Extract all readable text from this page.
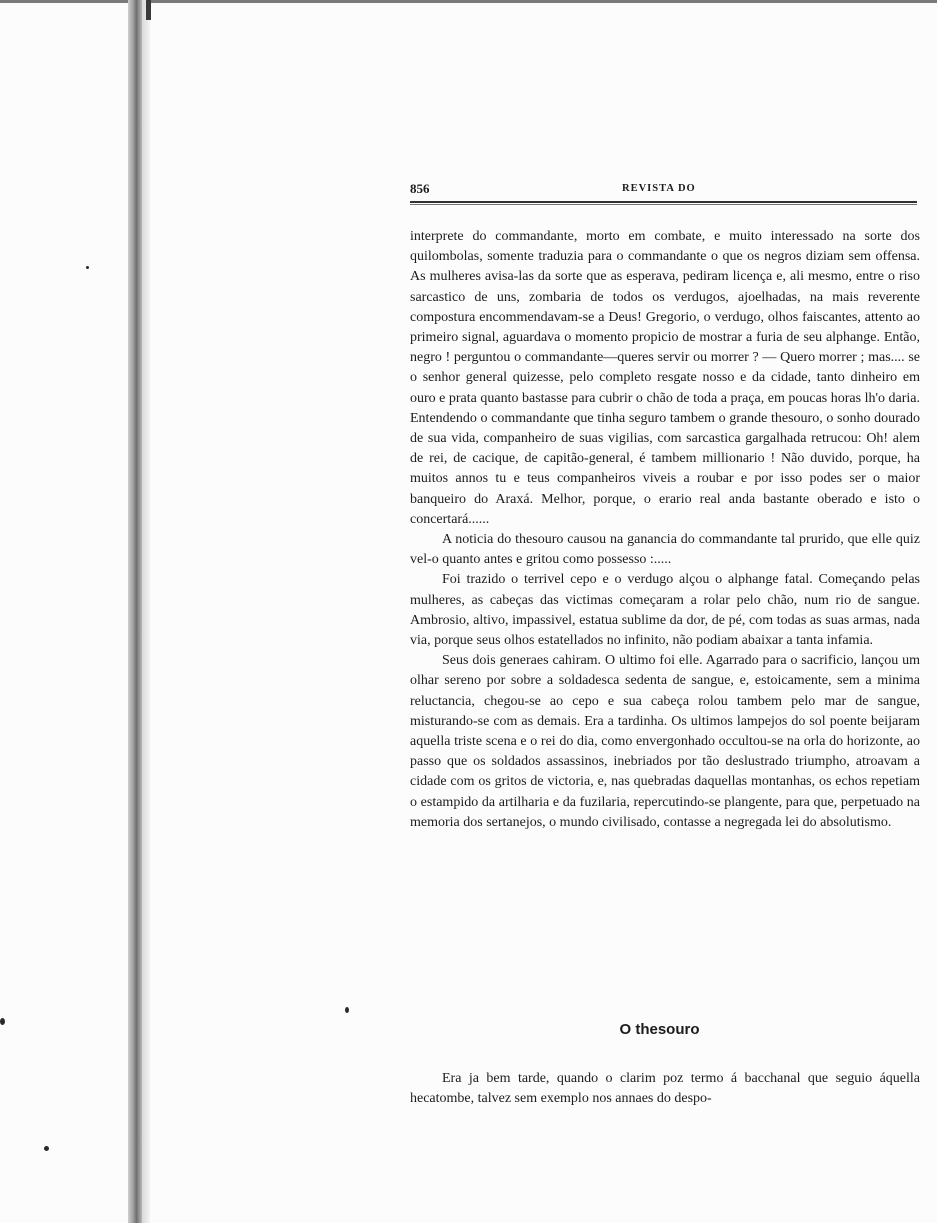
856	REVISTA DO

interprete do commandante, morto em combate, e muito interessado na sorte dos quilombolas, somente traduzia para o commandante o que os negros diziam sem offensa. As mulheres avisa-las da sorte que as esperava, pediram licença e, ali mesmo, entre o riso sarcastico de uns, zombaria de todos os verdugos, ajoelhadas, na mais reverente compostura encommendavam-se a Deus! Gregorio, o verdugo, olhos faiscantes, attento ao primeiro signal, aguardava o momento propicio de mostrar a furia de seu alphange. Então, negro ! perguntou o commandante—queres servir ou morrer ? — Quero morrer ; mas.... se o senhor general quizesse, pelo completo resgate nosso e da cidade, tanto dinheiro em ouro e prata quanto bastasse para cubrir o chão de toda a praça, em poucas horas lh'o daria. Entendendo o commandante que tinha seguro tambem o grande thesouro, o sonho dourado de sua vida, companheiro de suas vigilias, com sarcastica gargalhada retrucou: Oh! alem de rei, de cacique, de capitão-general, é tambem millionario ! Não duvido, porque, ha muitos annos tu e teus companheiros viveis a roubar e por isso podes ser o maior banqueiro do Araxá. Melhor, porque, o erario real anda bastante oberado e isto o concertará......

A noticia do thesouro causou na ganancia do commandante tal prurido, que elle quiz vel-o quanto antes e gritou como possesso :.....

Foi trazido o terrivel cepo e o verdugo alçou o alphange fatal. Começando pelas mulheres, as cabeças das victimas começaram a rolar pelo chão, num rio de sangue. Ambrosio, altivo, impassivel, estatua sublime da dor, de pé, com todas as suas armas, nada via, porque seus olhos estatellados no infinito, não podiam abaixar a tanta infamia.

Seus dois generaes cahiram. O ultimo foi elle. Agarrado para o sacrificio, lançou um olhar sereno por sobre a soldadesca sedenta de sangue, e, estoicamente, sem a minima reluctancia, chegou-se ao cepo e sua cabeça rolou tambem pelo mar de sangue, misturando-se com as demais. Era a tardinha. Os ultimos lampejos do sol poente beijaram aquella triste scena e o rei do dia, como envergonhado occultou-se na orla do horizonte, ao passo que os soldados assassinos, inebriados por tão deslustrado triumpho, atroavam a cidade com os gritos de victoria, e, nas quebradas daquellas montanhas, os echos repetiam o estampido da artilharia e da fuzilaria, repercutindo-se plangente, para que, perpetuado na memoria dos sertanejos, o mundo civilisado, contasse a negregada lei do absolutismo.

O thesouro

Era ja bem tarde, quando o clarim poz termo á bacchanal que seguio áquella hecatombe, talvez sem exemplo nos annaes do despo-
